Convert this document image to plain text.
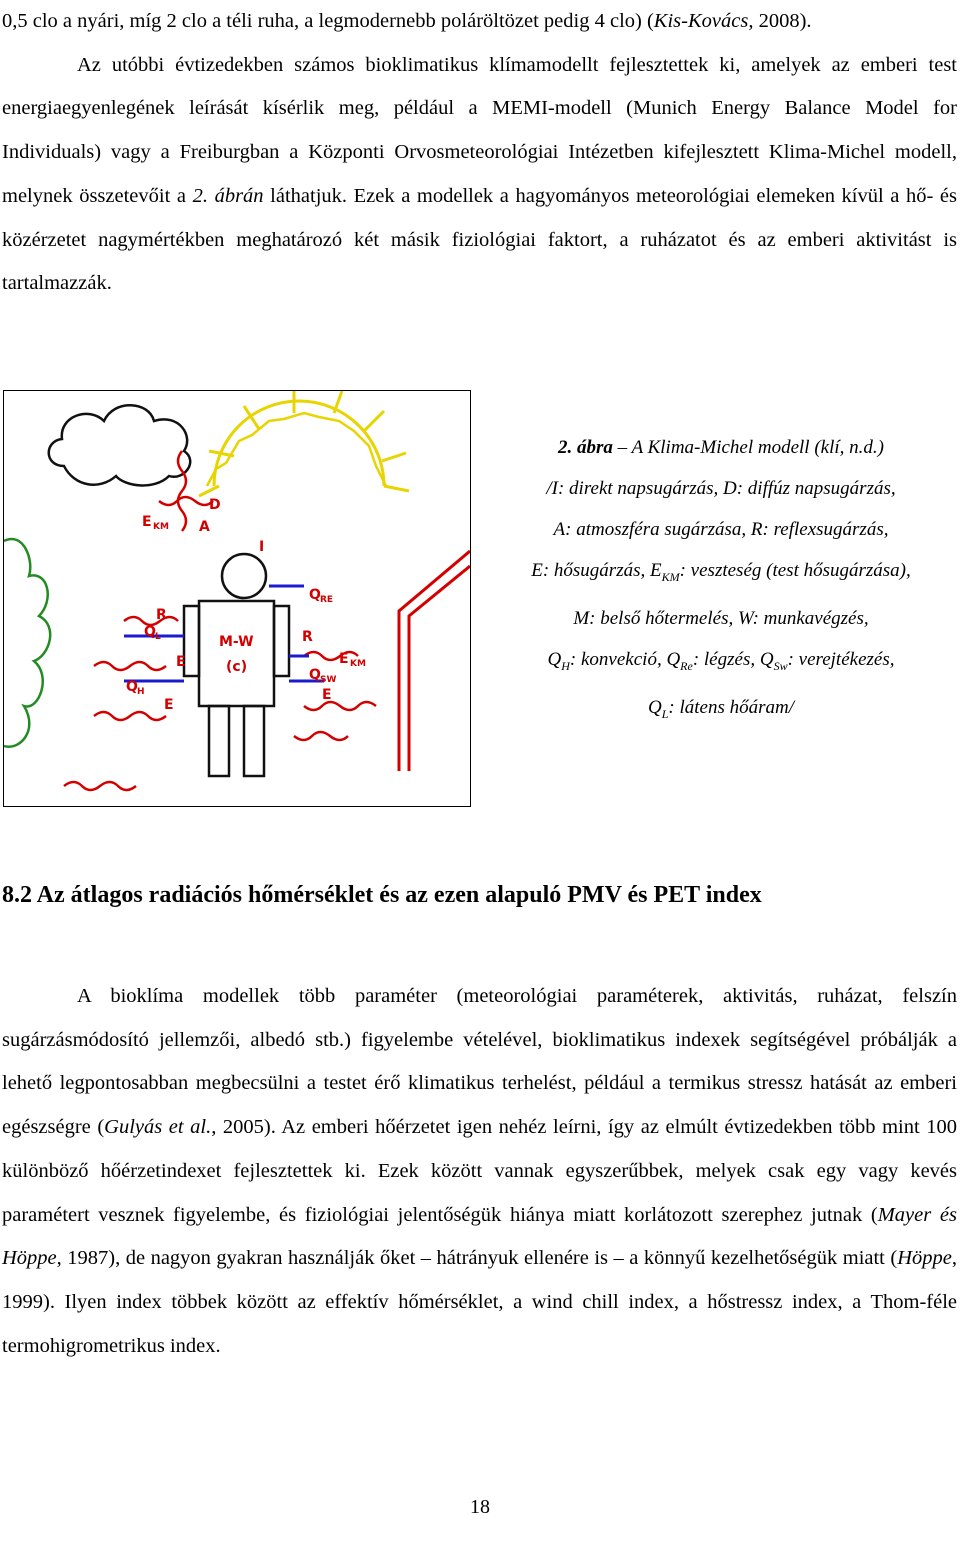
0,5 clo a nyári, míg 2 clo a téli ruha, a legmodernebb poláröltözet pedig 4 clo) (Kis-Kovács, 2008).
Az utóbbi évtizedekben számos bioklimatikus klímamodellt fejlesztettek ki, amelyek az emberi test energiaegyenlegének leírását kísérlik meg, például a MEMI-modell (Munich Energy Balance Model for Individuals) vagy a Freiburgban a Központi Orvosmeteorológiai Intézetben kifejlesztett Klima-Michel modell, melynek összetevőit a 2. ábrán láthatjuk. Ezek a modellek a hagyományos meteorológiai elemeken kívül a hő- és közérzetet nagymértékben meghatározó két másik fiziológiai faktort, a ruházatot és az emberi aktivitást is tartalmazzák.
E KM A
D
I
Q RE
Q L
R
E
Q H
E
M-W
(c)
R
E KM
Q SW
E
2. ábra – A Klima-Michel modell (klí, n.d.)
/I: direkt napsugárzás, D: diffúz napsugárzás,
A: atmoszféra sugárzása, R: reflexsugárzás,
E: hősugárzás, $E_{KM}$: veszteség (test hősugárzása),
M: belső hőtermelés, W: munkavégzés,
$Q_H$: konvekció, $Q_{Re}$: légzés, $Q_{Sw}$: verejtékezés,
$Q_L$: látens hőáram/
8.2 Az átlagos radiációs hőmérséklet és az ezen alapuló PMV és PET index
A bioklíma modellek több paraméter (meteorológiai paraméterek, aktivitás, ruházat, felszín sugárzásmódosító jellemzői, albedó stb.) figyelembe vételével, bioklimatikus indexek segítségével próbálják a lehető legpontosabban megbecsülni a testet érő klimatikus terhelést, például a termikus stressz hatását az emberi egészségre (Gulyás et al., 2005). Az emberi hőérzetet igen nehéz leírni, így az elmúlt évtizedekben több mint 100 különböző hőérzetindexet fejlesztettek ki. Ezek között vannak egyszerűbbek, melyek csak egy vagy kevés paramétert vesznek figyelembe, és fiziológiai jelentőségük hiánya miatt korlátozott szerephez jutnak (Mayer és Höppe, 1987), de nagyon gyakran használják őket – hátrányuk ellenére is – a könnyű kezelhetőségük miatt (Höppe, 1999). Ilyen index többek között az effektív hőmérséklet, a wind chill index, a hőstressz index, a Thom-féle termohigrometrikus index.
18
